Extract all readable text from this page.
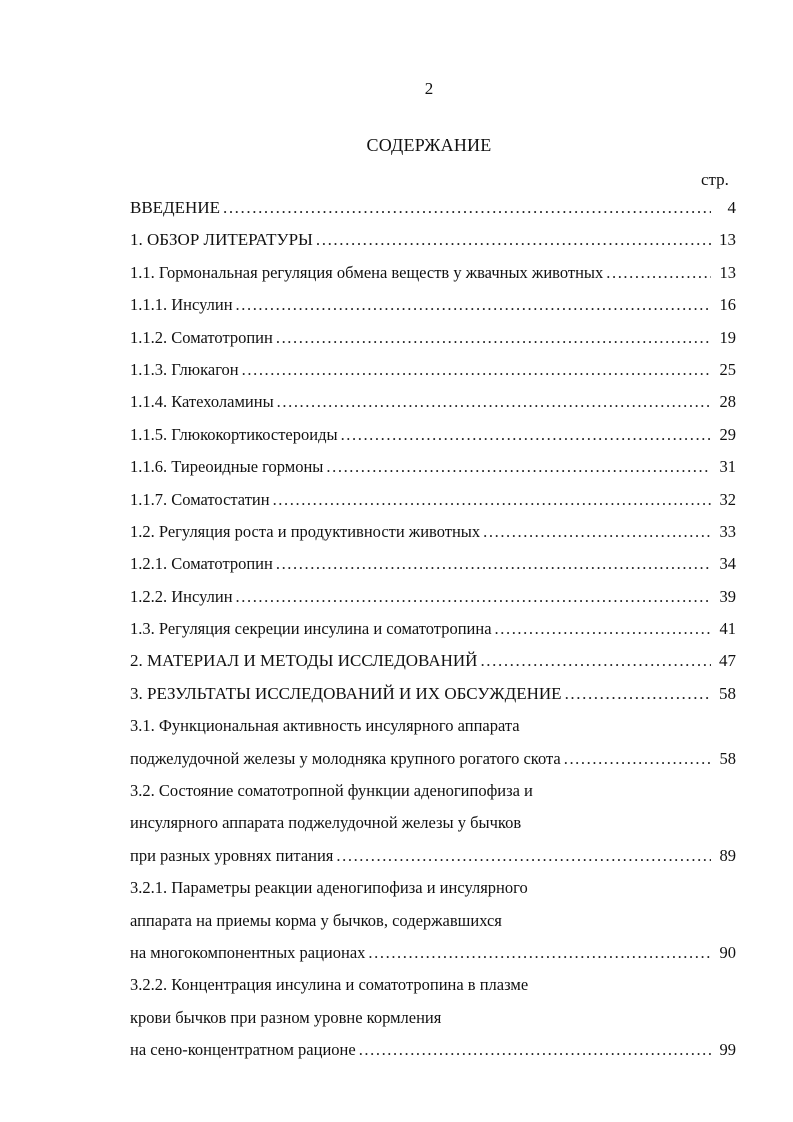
2
СОДЕРЖАНИЕ
стр.
ВВЕДЕНИЕ .....	4
1. ОБЗОР ЛИТЕРАТУРЫ .....	13
1.1. Гормональная регуляция обмена веществ у жвачных животных .....	13
1.1.1. Инсулин .....	16
1.1.2. Соматотропин .....	19
1.1.3. Глюкагон .....	25
1.1.4. Катехоламины .....	28
1.1.5. Глюкокортикостероиды .....	29
1.1.6. Тиреоидные гормоны .....	31
1.1.7. Соматостатин .....	32
1.2. Регуляция роста и продуктивности животных .....	33
1.2.1. Соматотропин .....	34
1.2.2. Инсулин .....	39
1.3. Регуляция секреции инсулина и соматотропина .....	41
2. МАТЕРИАЛ И МЕТОДЫ ИССЛЕДОВАНИЙ .....	47
3. РЕЗУЛЬТАТЫ ИССЛЕДОВАНИЙ И ИХ ОБСУЖДЕНИЕ .....	58
3.1. Функциональная активность инсулярного аппарата
поджелудочной железы у молодняка крупного рогатого скота .....	58
3.2. Состояние соматотропной функции аденогипофиза и
инсулярного аппарата поджелудочной железы у бычков
при разных уровнях питания .....	89
3.2.1. Параметры реакции аденогипофиза и инсулярного
аппарата на приемы корма у бычков, содержавшихся
на многокомпонентных рационах .....	90
3.2.2. Концентрация инсулина и соматотропина в плазме
крови бычков при разном уровне кормления
на сено-концентратном рационе .....	99
